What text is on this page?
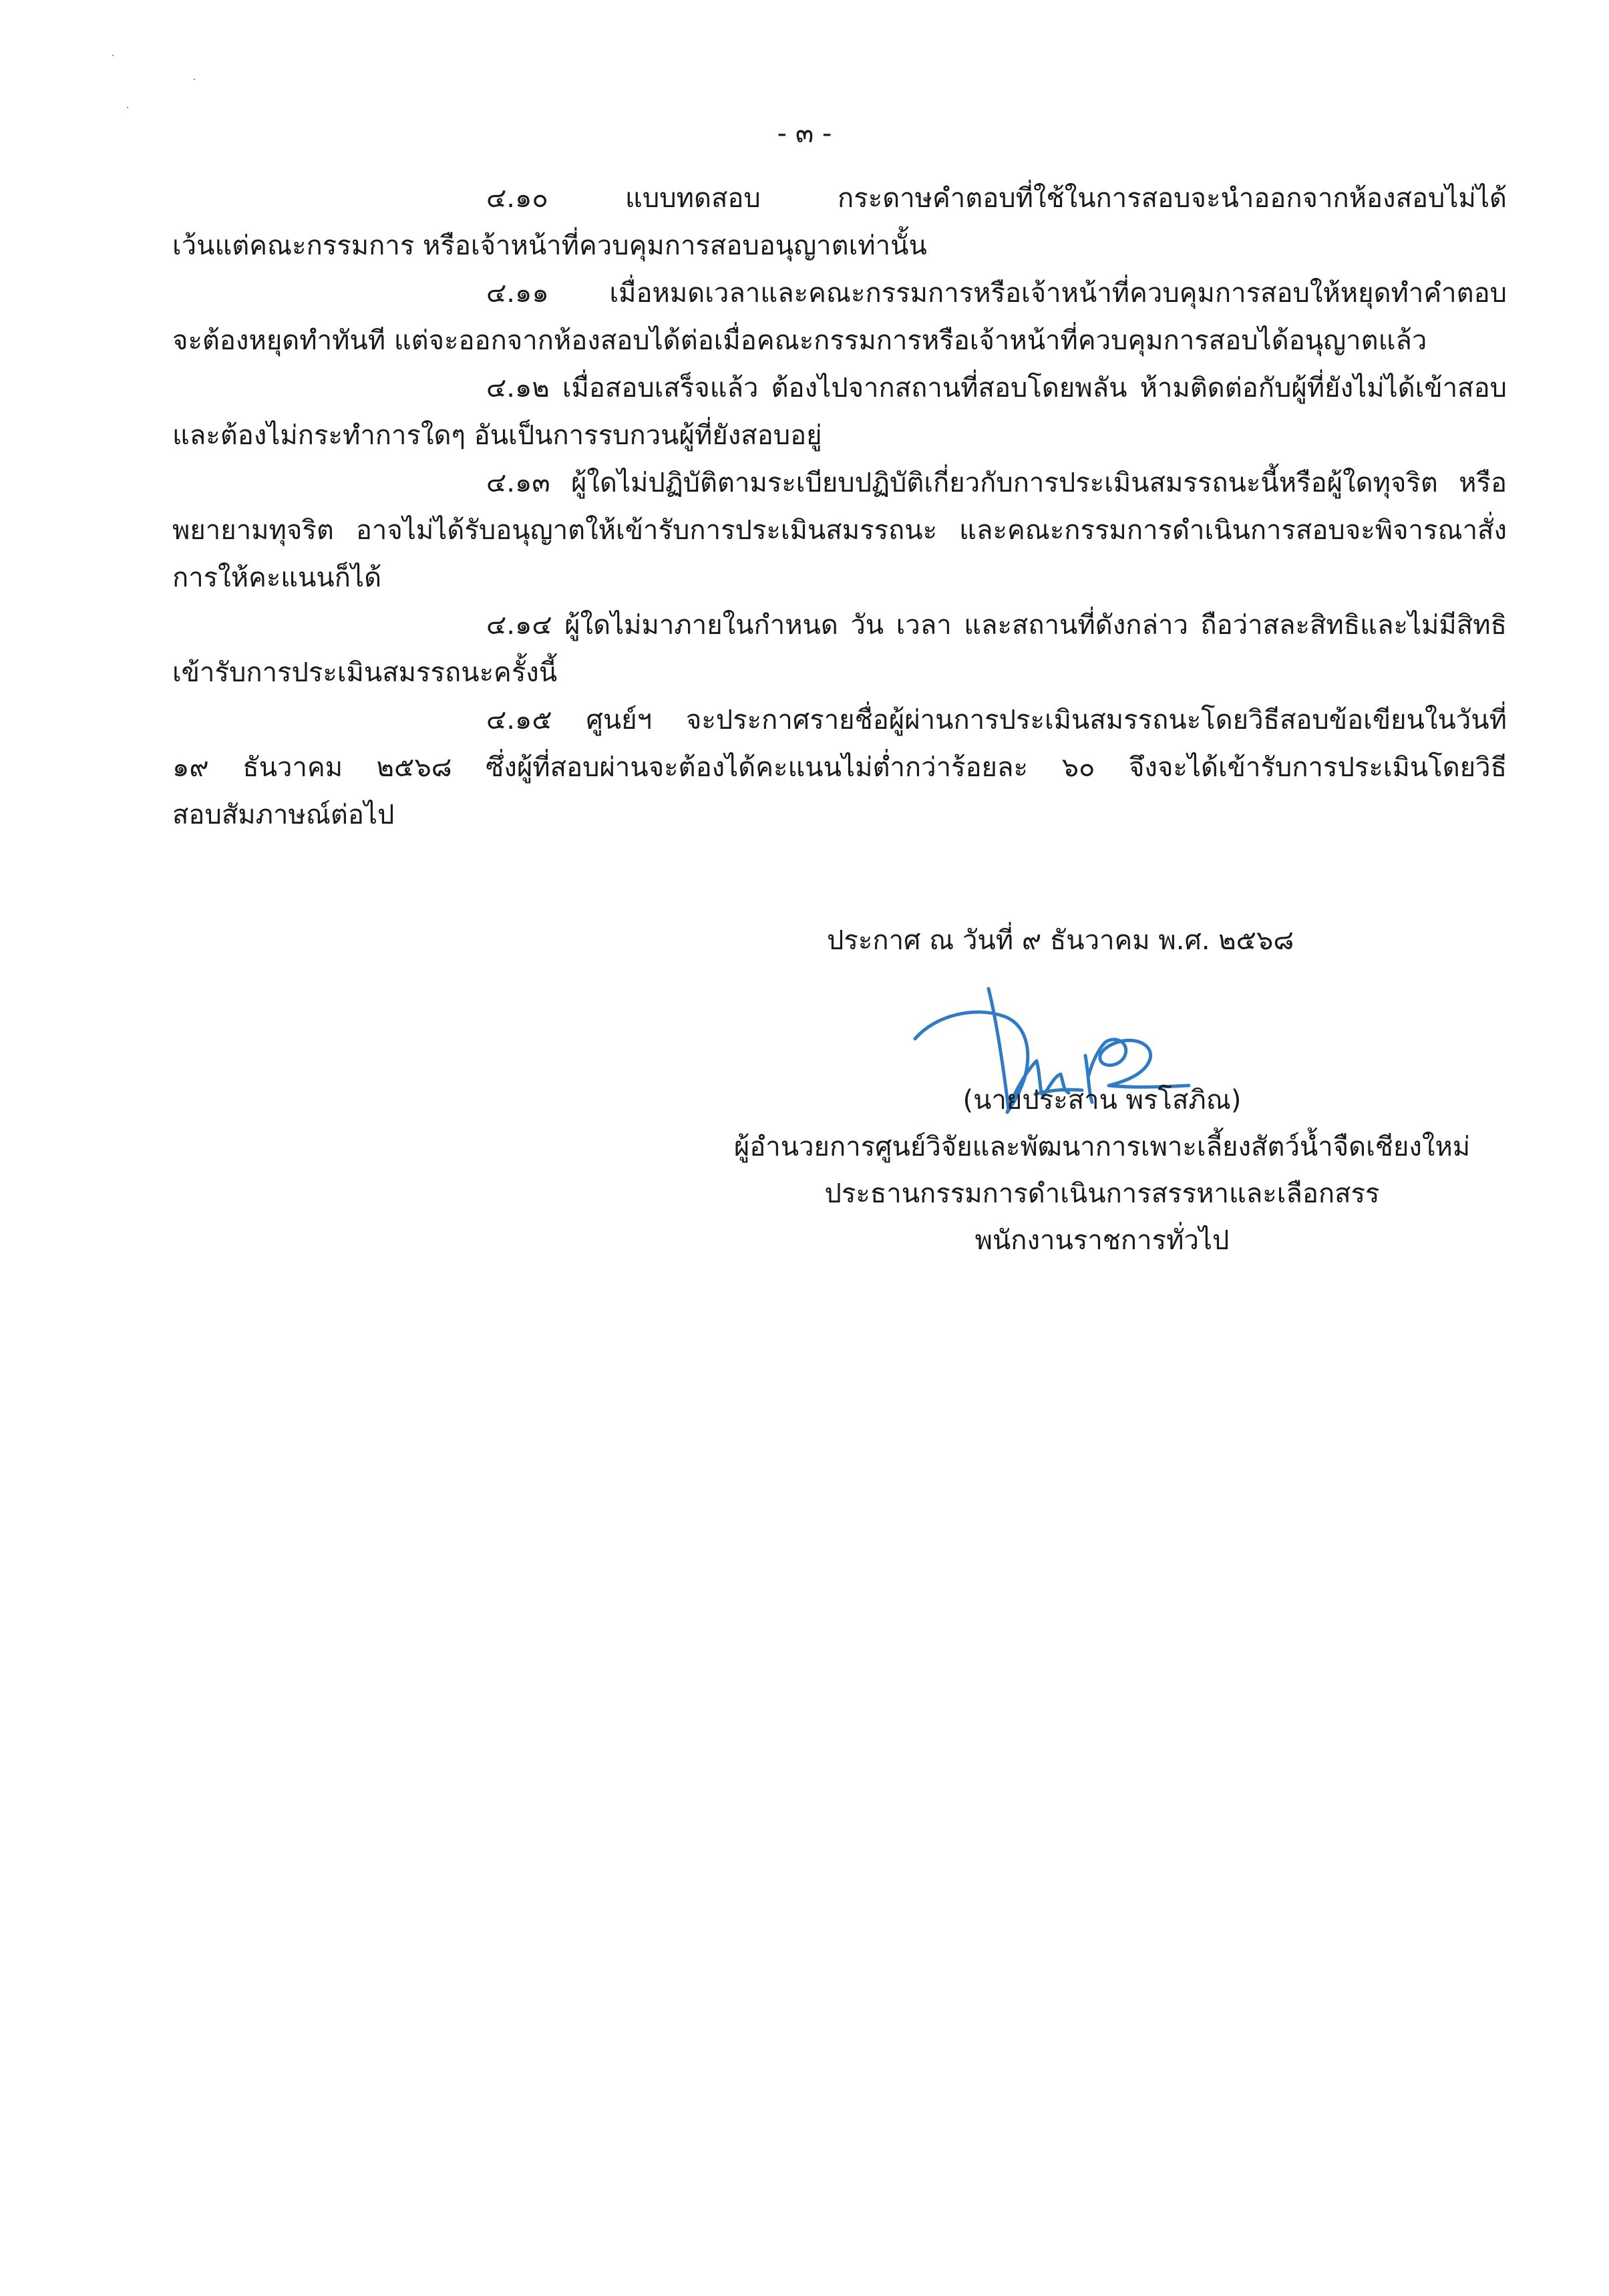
- ๓ -
๔.๑๐ แบบทดสอบ กระดาษคำตอบที่ใช้ในการสอบจะนำออกจากห้องสอบไม่ได้
เว้นแต่คณะกรรมการ หรือเจ้าหน้าที่ควบคุมการสอบอนุญาตเท่านั้น
๔.๑๑ เมื่อหมดเวลาและคณะกรรมการหรือเจ้าหน้าที่ควบคุมการสอบให้หยุดทำคำตอบ
จะต้องหยุดทำทันที แต่จะออกจากห้องสอบได้ต่อเมื่อคณะกรรมการหรือเจ้าหน้าที่ควบคุมการสอบได้อนุญาตแล้ว
๔.๑๒ เมื่อสอบเสร็จแล้ว ต้องไปจากสถานที่สอบโดยพลัน ห้ามติดต่อกับผู้ที่ยังไม่ได้เข้าสอบ
และต้องไม่กระทำการใดๆ อันเป็นการรบกวนผู้ที่ยังสอบอยู่
๔.๑๓ ผู้ใดไม่ปฏิบัติตามระเบียบปฏิบัติเกี่ยวกับการประเมินสมรรถนะนี้หรือผู้ใดทุจริต หรือ
พยายามทุจริต อาจไม่ได้รับอนุญาตให้เข้ารับการประเมินสมรรถนะ และคณะกรรมการดำเนินการสอบจะพิจารณาสั่ง
การให้คะแนนก็ได้
๔.๑๔ ผู้ใดไม่มาภายในกำหนด วัน เวลา และสถานที่ดังกล่าว ถือว่าสละสิทธิและไม่มีสิทธิ
เข้ารับการประเมินสมรรถนะครั้งนี้
๔.๑๕ ศูนย์ฯ จะประกาศรายชื่อผู้ผ่านการประเมินสมรรถนะโดยวิธีสอบข้อเขียนในวันที่
๑๙ ธันวาคม ๒๕๖๘ ซึ่งผู้ที่สอบผ่านจะต้องได้คะแนนไม่ต่ำกว่าร้อยละ ๖๐ จึงจะได้เข้ารับการประเมินโดยวิธี
สอบสัมภาษณ์ต่อไป
ประกาศ ณ วันที่ ๙ ธันวาคม พ.ศ. ๒๕๖๘
(นายประสาน พรโสภิณ)
ผู้อำนวยการศูนย์วิจัยและพัฒนาการเพาะเลี้ยงสัตว์น้ำจืดเชียงใหม่
ประธานกรรมการดำเนินการสรรหาและเลือกสรร
พนักงานราชการทั่วไป
